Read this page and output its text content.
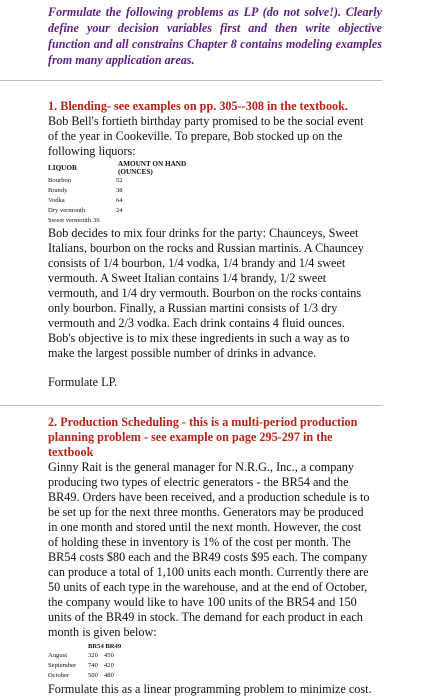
Formulate the following problems as LP (do not solve!). Clearly define your decision variables first and then write objective function and all constrains Chapter 8 contains modeling examples from many application areas.

1. Blending- see examples on pp. 305--308 in the textbook.

Bob Bell's fortieth birthday party promised to be the social event of the year in Cookeville. To prepare, Bob stocked up on the following liquors:

LIQUOR	AMOUNT ON HAND
(OUNCES)
Bourbon	52
Brandy	38
Vodka	64
Dry vermouth	24
Sweet vermouth 36

Bob decides to mix four drinks for the party: Chaunceys, Sweet Italians, bourbon on the rocks and Russian martinis. A Chauncey consists of 1/4 bourbon, 1/4 vodka, 1/4 brandy and 1/4 sweet vermouth. A Sweet Italian contains 1/4 brandy, 1/2 sweet vermouth, and 1/4 dry vermouth. Bourbon on the rocks contains only bourbon. Finally, a Russian martini consists of 1/3 dry vermouth and 2/3 vodka. Each drink contains 4 fluid ounces. Bob's objective is to mix these ingredients in such a way as to make the largest possible number of drinks in advance.

Formulate LP.

2. Production Scheduling - this is a multi-period production planning problem - see example on page 295-297 in the textbook

Ginny Rait is the general manager for N.R.G., Inc., a company producing two types of electric generators - the BR54 and the BR49. Orders have been received, and a production schedule is to be set up for the next three months. Generators may be produced in one month and stored until the next month. However, the cost of holding these in inventory is 1% of the cost per month. The BR54 costs $80 each and the BR49 costs $95 each. The company can produce a total of 1,100 units each month. Currently there are 50 units of each type in the warehouse, and at the end of October, the company would like to have 100 units of the BR54 and 150 units of the BR49 in stock. The demand for each product in each month is given below:

BR54 BR49
August	320 450
September	740 420
October	500 480

Formulate this as a linear programming problem to minimize cost.
